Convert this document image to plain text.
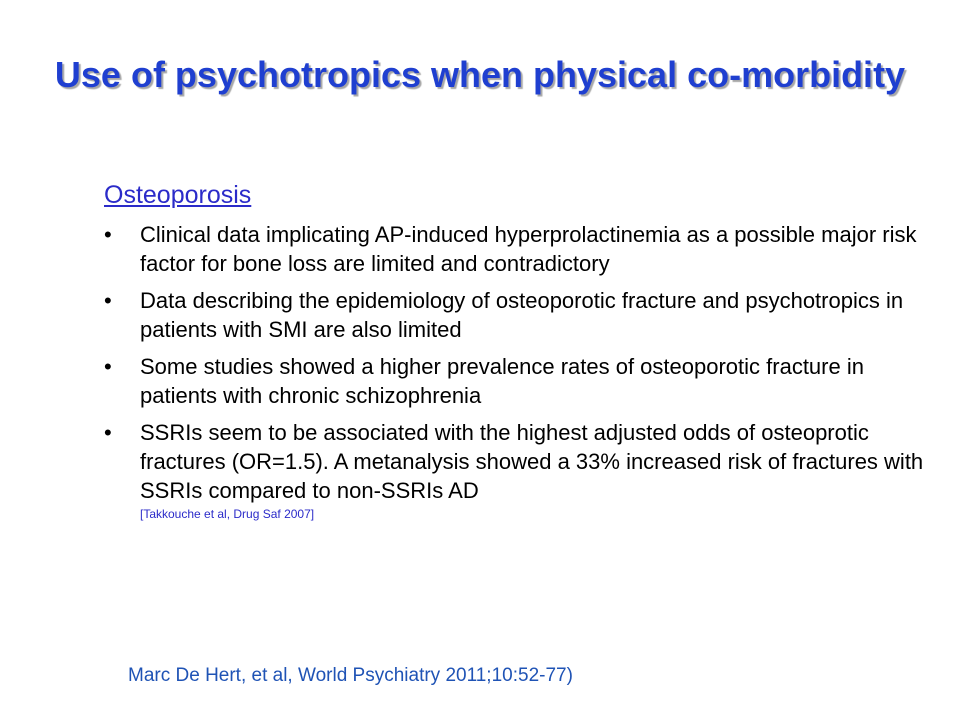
Use of psychotropics when physical co-morbidity
Osteoporosis
• Clinical data implicating AP-induced hyperprolactinemia as a possible major risk factor for bone loss are limited and contradictory
• Data describing the epidemiology of osteoporotic fracture and psychotropics in patients with SMI are also limited
• Some studies showed a higher prevalence rates of osteoporotic fracture in patients with chronic schizophrenia
• SSRIs seem to be associated with the highest adjusted odds of osteoprotic fractures (OR=1.5). A metanalysis showed a 33% increased risk of fractures with SSRIs compared to non-SSRIs AD
[Takkouche et al, Drug Saf 2007]
Marc De Hert, et al, World Psychiatry 2011;10:52-77)
